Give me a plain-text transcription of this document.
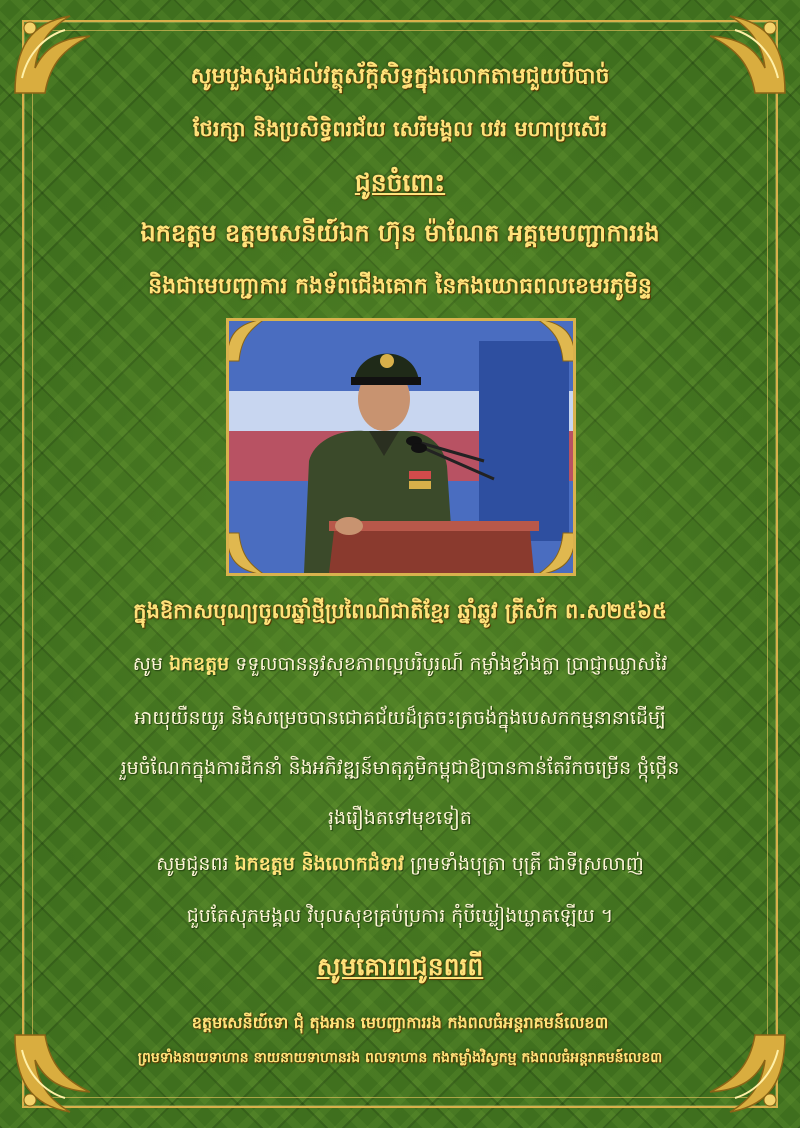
សូមបួងសួងដល់វត្ថុស័ក្តិសិទ្ធក្នុងលោកតាមជួយបីបាច់
ថែរក្សា និងប្រសិទ្ធិពរជ័យ សេរីមង្គល បវរ មហាប្រសើរ
ជូនចំពោះ
ឯកឧត្តម ឧត្តមសេនីយ៍ឯក ហ៊ុន ម៉ាណែត អគ្គមេបញ្ជាការរង
និងជាមេបញ្ជាការ កងទ័ពជើងគោក នៃកងយោធពលខេមរភូមិន្ទ
ក្នុងឱកាសបុណ្យចូលឆ្នាំថ្មីប្រពៃណីជាតិខ្មែរ ឆ្នាំឆ្លូវ ត្រីស័ក ព.ស២៥៦៥
សូម ឯកឧត្តម ទទួលបាននូវសុខភាពល្អបរិបូរណ៍ កម្លាំងខ្លាំងក្លា ប្រាជ្ញាឈ្លាសវៃ
អាយុយឺនយូរ និងសម្រេចបានជោគជ័យដ៏ត្រចះត្រចង់ក្នុងបេសកកម្មនានាដើម្បី
រួមចំណែកក្នុងការដឹកនាំ និងអភិវឌ្ឍន៍មាតុភូមិកម្ពុជាឱ្យបានកាន់តែរីកចម្រើន ថ្កុំថ្កើន
រុងរឿងតទៅមុខទៀត
សូមជូនពរ ឯកឧត្តម និងលោកជំទាវ ព្រមទាំងបុត្រា បុត្រី ជាទីស្រលាញ់
ជួបតែសុភមង្គល វិបុលសុខគ្រប់ប្រការ កុំបីឃ្លៀងឃ្លាតឡើយ ។
សូមគោរពជូនពរពី
ឧត្តមសេនីយ៍ទោ ជុំ តុងអាន មេបញ្ជាការរង កងពលធំអន្តរាគមន៍លេខ៣
ព្រមទាំងនាយទាហាន នាយនាយទាហានរង ពលទាហាន កងកម្លាំងវិស្វកម្ម កងពលធំអន្តរាគមន៍លេខ៣
